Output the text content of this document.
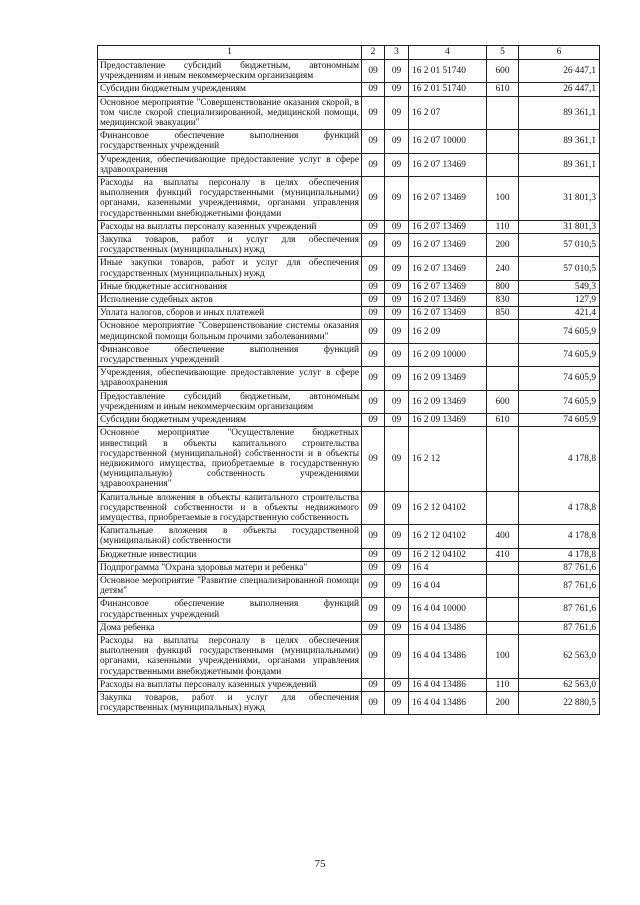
1	2	3	4	5	6
Предоставление субсидий бюджетным, автономным учреждениям и иным некоммерческим организациям	09	09	16 2 01 51740	600	26 447,1
Субсидии бюджетным учреждениям	09	09	16 2 01 51740	610	26 447,1
Основное мероприятие "Совершенствование оказания скорой, в том числе скорой специализированной, медицинской помощи, медицинской эвакуации"	09	09	16 2 07		89 361,1
Финансовое обеспечение выполнения функций государственных учреждений	09	09	16 2 07 10000		89 361,1
Учреждения, обеспечивающие предоставление услуг в сфере здравоохранения	09	09	16 2 07 13469		89 361,1
Расходы на выплаты персоналу в целях обеспечения выполнения функций государственными (муниципальными) органами, казенными учреждениями, органами управления государственными внебюджетными фондами	09	09	16 2 07 13469	100	31 801,3
Расходы на выплаты персоналу казенных учреждений	09	09	16 2 07 13469	110	31 801,3
Закупка товаров, работ и услуг для обеспечения государственных (муниципальных) нужд	09	09	16 2 07 13469	200	57 010,5
Иные закупки товаров, работ и услуг для обеспечения государственных (муниципальных) нужд	09	09	16 2 07 13469	240	57 010,5
Иные бюджетные ассигнования	09	09	16 2 07 13469	800	549,3
Исполнение судебных актов	09	09	16 2 07 13469	830	127,9
Уплата налогов, сборов и иных платежей	09	09	16 2 07 13469	850	421,4
Основное мероприятие "Совершенствование системы оказания медицинской помощи больным прочими заболеваниями"	09	09	16 2 09		74 605,9
Финансовое обеспечение выполнения функций государственных учреждений	09	09	16 2 09 10000		74 605,9
Учреждения, обеспечивающие предоставление услуг в сфере здравоохранения	09	09	16 2 09 13469		74 605,9
Предоставление субсидий бюджетным, автономным учреждениям и иным некоммерческим организациям	09	09	16 2 09 13469	600	74 605,9
Субсидии бюджетным учреждениям	09	09	16 2 09 13469	610	74 605,9
Основное мероприятие "Осуществление бюджетных инвестиций в объекты капитального строительства государственной (муниципальной) собственности и в объекты недвижимого имущества, приобретаемые в государственную (муниципальную) собственность учреждениями здравоохранения"	09	09	16 2 12		4 178,8
Капитальные вложения в объекты капитального строительства государственной собственности и в объекты недвижимого имущества, приобретаемые в государственную собственность	09	09	16 2 12 04102		4 178,8
Капитальные вложения в объекты государственной (муниципальной) собственности	09	09	16 2 12 04102	400	4 178,8
Бюджетные инвестиции	09	09	16 2 12 04102	410	4 178,8
Подпрограмма "Охрана здоровья матери и ребенка"	09	09	16 4		87 761,6
Основное мероприятие "Развитие специализированной помощи детям"	09	09	16 4 04		87 761,6
Финансовое обеспечение выполнения функций государственных учреждений	09	09	16 4 04 10000		87 761,6
Дома ребенка	09	09	16 4 04 13486		87 761,6
Расходы на выплаты персоналу в целях обеспечения выполнения функций государственными (муниципальными) органами, казенными учреждениями, органами управления государственными внебюджетными фондами	09	09	16 4 04 13486	100	62 563,0
Расходы на выплаты персоналу казенных учреждений	09	09	16 4 04 13486	110	62 563,0
Закупка товаров, работ и услуг для обеспечения государственных (муниципальных) нужд	09	09	16 4 04 13486	200	22 880,5
75
